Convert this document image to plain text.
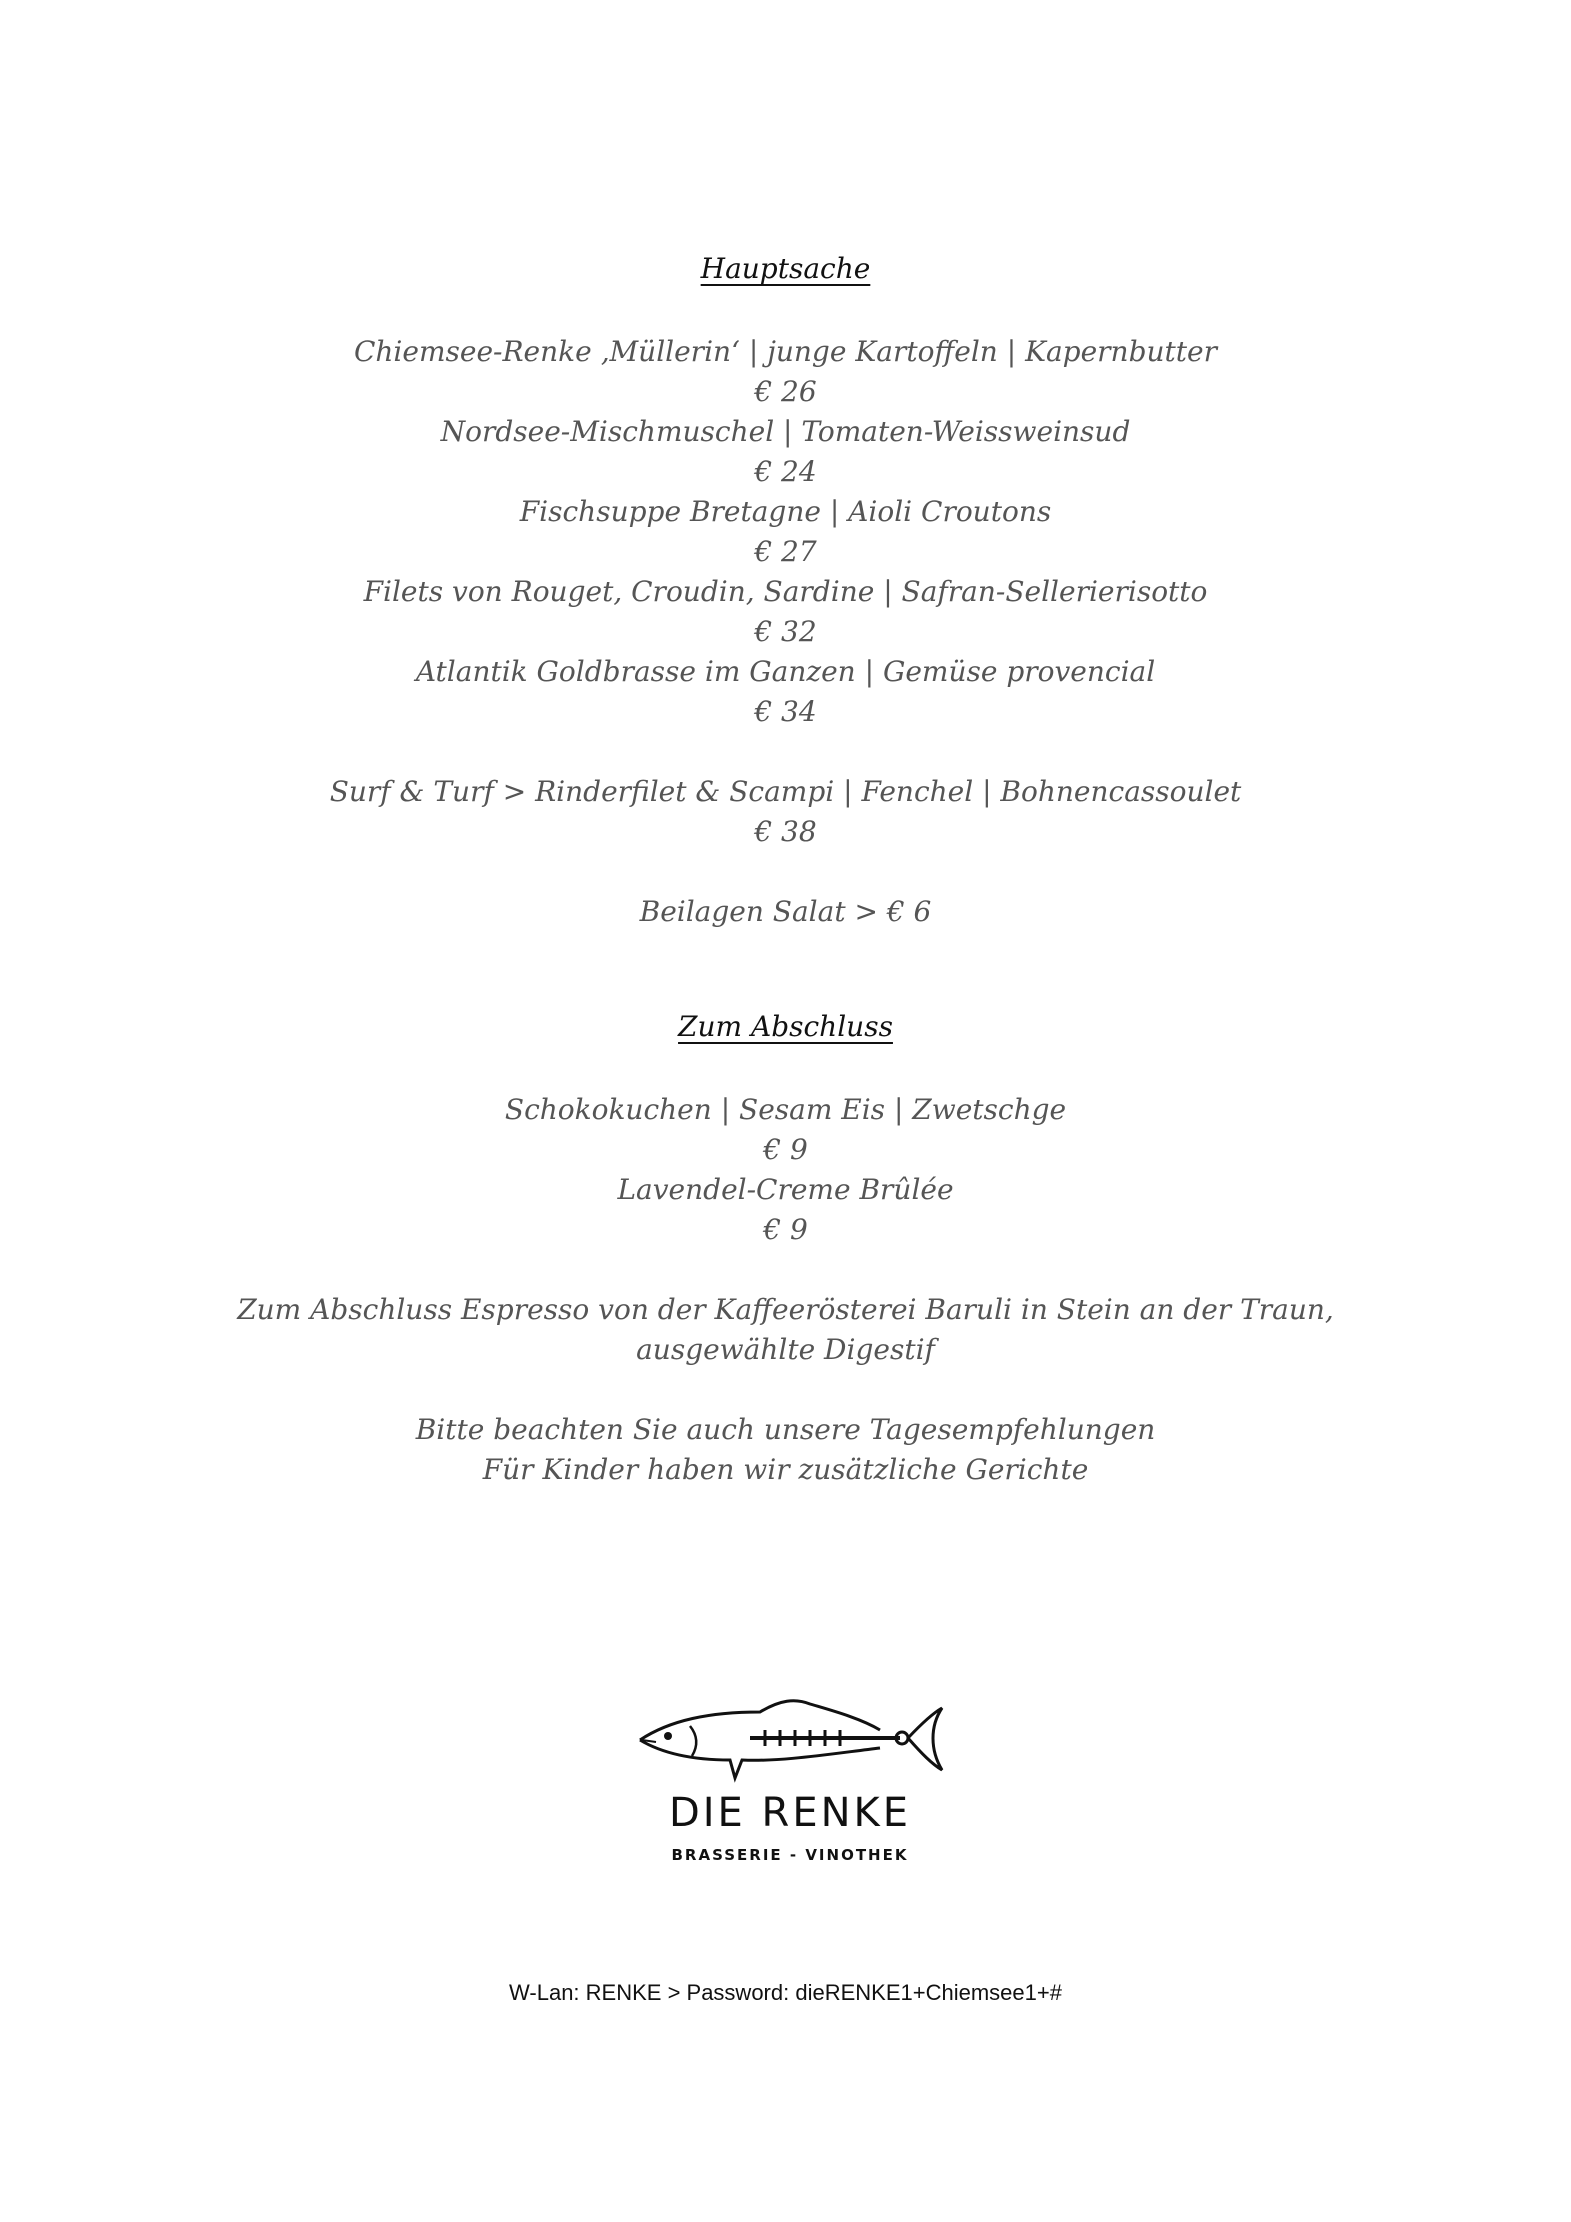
Hauptsache
Chiemsee-Renke ‚Müllerin‘ | junge Kartoffeln | Kapernbutter
€ 26
Nordsee-Mischmuschel | Tomaten-Weissweinsud
€ 24
Fischsuppe Bretagne | Aioli Croutons
€ 27
Filets von Rouget, Croudin, Sardine | Safran-Sellerierisotto
€ 32
Atlantik Goldbrasse im Ganzen | Gemüse provencial
€ 34
Surf & Turf > Rinderfilet & Scampi | Fenchel | Bohnencassoulet
€ 38
Beilagen Salat > € 6
Zum Abschluss
Schokokuchen | Sesam Eis | Zwetschge
€ 9
Lavendel-Creme Brûlée
€ 9
Zum Abschluss Espresso von der Kaffeerösterei Baruli in Stein an der Traun,
ausgewählte Digestif
Bitte beachten Sie auch unsere Tagesempfehlungen
Für Kinder haben wir zusätzliche Gerichte
DIE RENKE
BRASSERIE - VINOTHEK
W-Lan: RENKE > Password: dieRENKE1+Chiemsee1+#
